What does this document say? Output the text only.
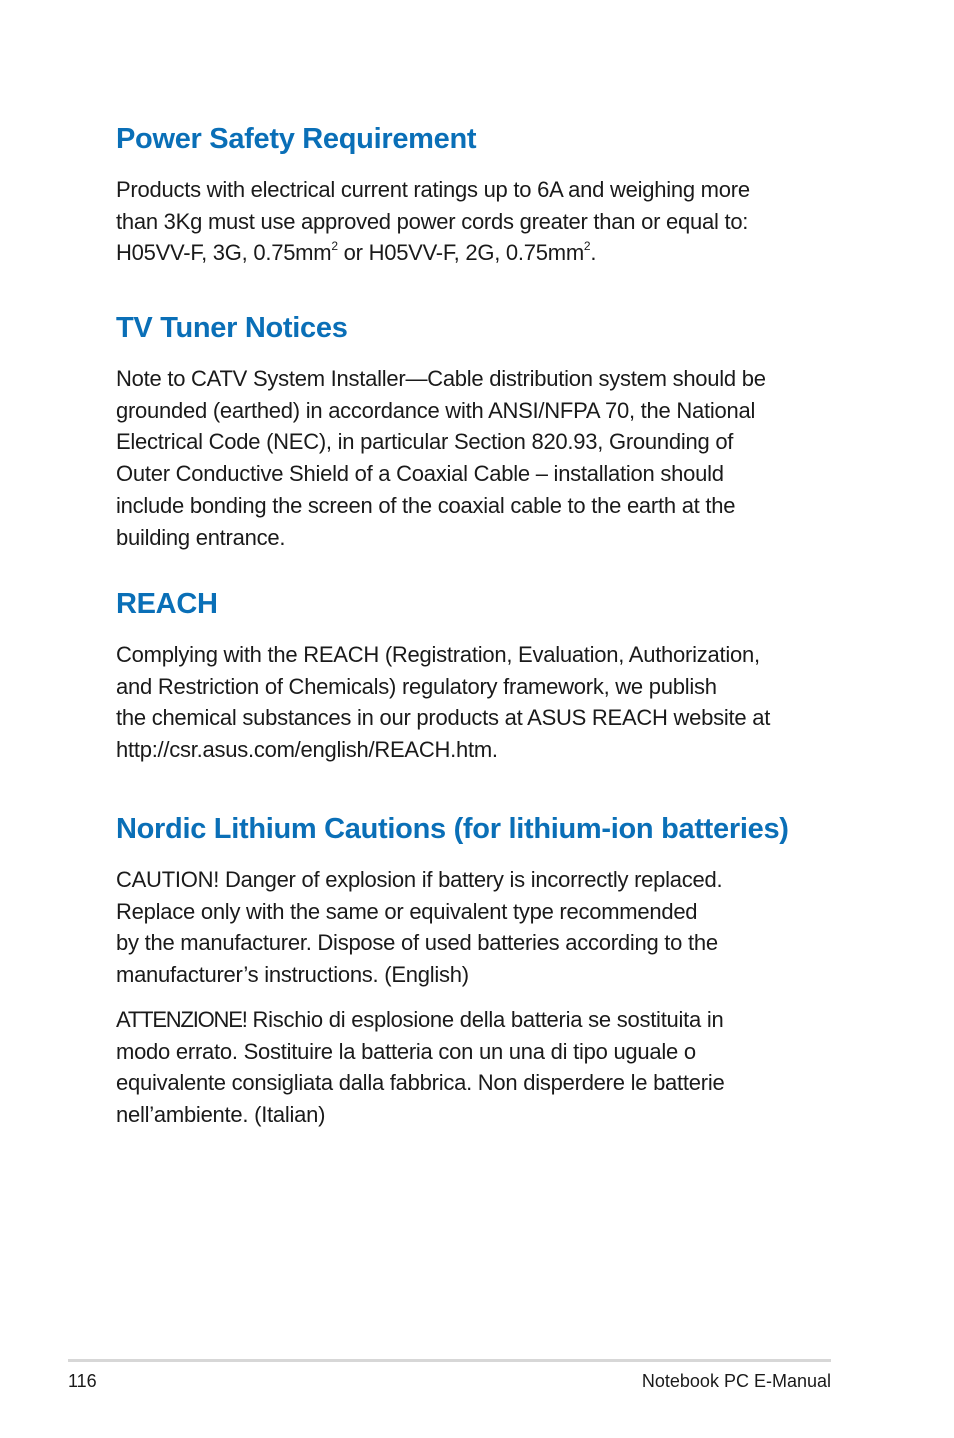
Power Safety Requirement

Products with electrical current ratings up to 6A and weighing more
than 3Kg must use approved power cords greater than or equal to:
H05VV-F, 3G, $0.75mm^2$ or H05VV-F, 2G, $0.75mm^2$.

TV Tuner Notices

Note to CATV System Installer—Cable distribution system should be
grounded (earthed) in accordance with ANSI/NFPA 70, the National
Electrical Code (NEC), in particular Section 820.93, Grounding of
Outer Conductive Shield of a Coaxial Cable – installation should
include bonding the screen of the coaxial cable to the earth at the
building entrance.

REACH

Complying with the REACH (Registration, Evaluation, Authorization,
and Restriction of Chemicals) regulatory framework, we publish
the chemical substances in our products at ASUS REACH website at
http://csr.asus.com/english/REACH.htm.

Nordic Lithium Cautions (for lithium-ion batteries)

CAUTION! Danger of explosion if battery is incorrectly replaced.
Replace only with the same or equivalent type recommended
by the manufacturer. Dispose of used batteries according to the
manufacturer’s instructions. (English)

ATTENZIONE! Rischio di esplosione della batteria se sostituita in
modo errato. Sostituire la batteria con un una di tipo uguale o
equivalente consigliata dalla fabbrica. Non disperdere le batterie
nell’ambiente. (Italian)

116	Notebook PC E-Manual
